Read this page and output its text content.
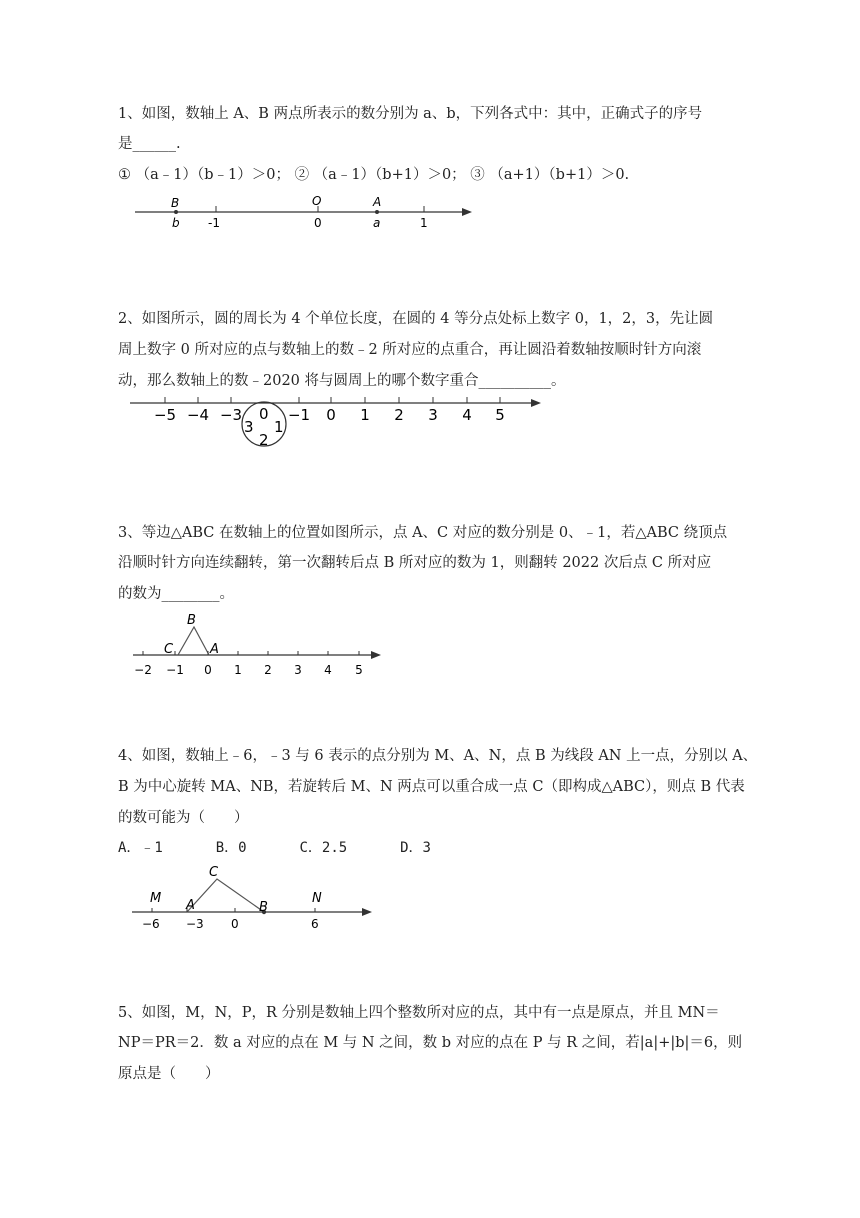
1、如图，数轴上 A、B 两点所表示的数分别为 a、b，下列各式中：其中，正确式子的序号
是______.
① （a﹣1）（b﹣1）＞0； ② （a﹣1）（b+1）＞0； ③ （a+1）（b+1）＞0.
B
b -1
O
0
A
a	1
2、如图所示，圆的周长为 4 个单位长度，在圆的 4 等分点处标上数字 0，1，2，3，先让圆
周上数字 0 所对应的点与数轴上的数﹣2 所对应的点重合，再让圆沿着数轴按顺时针方向滚
动，那么数轴上的数﹣2020 将与圆周上的哪个数字重合__________。
−5 −4 −3	−1 0 1 2 3 4 5
0
1
2
3
3、等边△ABC 在数轴上的位置如图所示，点 A、C 对应的数分别是 0、﹣1，若△ABC 绕顶点
沿顺时针方向连续翻转，第一次翻转后点 B 所对应的数为 1，则翻转 2022 次后点 C 所对应
的数为________。
B
C	A
−2 −1 0 1 2 3 4 5
4、如图，数轴上﹣6，﹣3 与 6 表示的点分别为 M、A、N，点 B 为线段 AN 上一点，分别以 A、
B 为中心旋转 MA、NB，若旋转后 M、N 两点可以重合成一点 C（即构成△ABC），则点 B 代表
的数可能为（　　）
A．﹣1	B．0	C．2.5	D．3
M A
C
B
N
−6 −3 0	6
5、如图，M，N，P，R 分别是数轴上四个整数所对应的点，其中有一点是原点，并且 MN＝
NP＝PR＝2．数 a 对应的点在 M 与 N 之间，数 b 对应的点在 P 与 R 之间，若|a|+|b|＝6，则
原点是（　　）
